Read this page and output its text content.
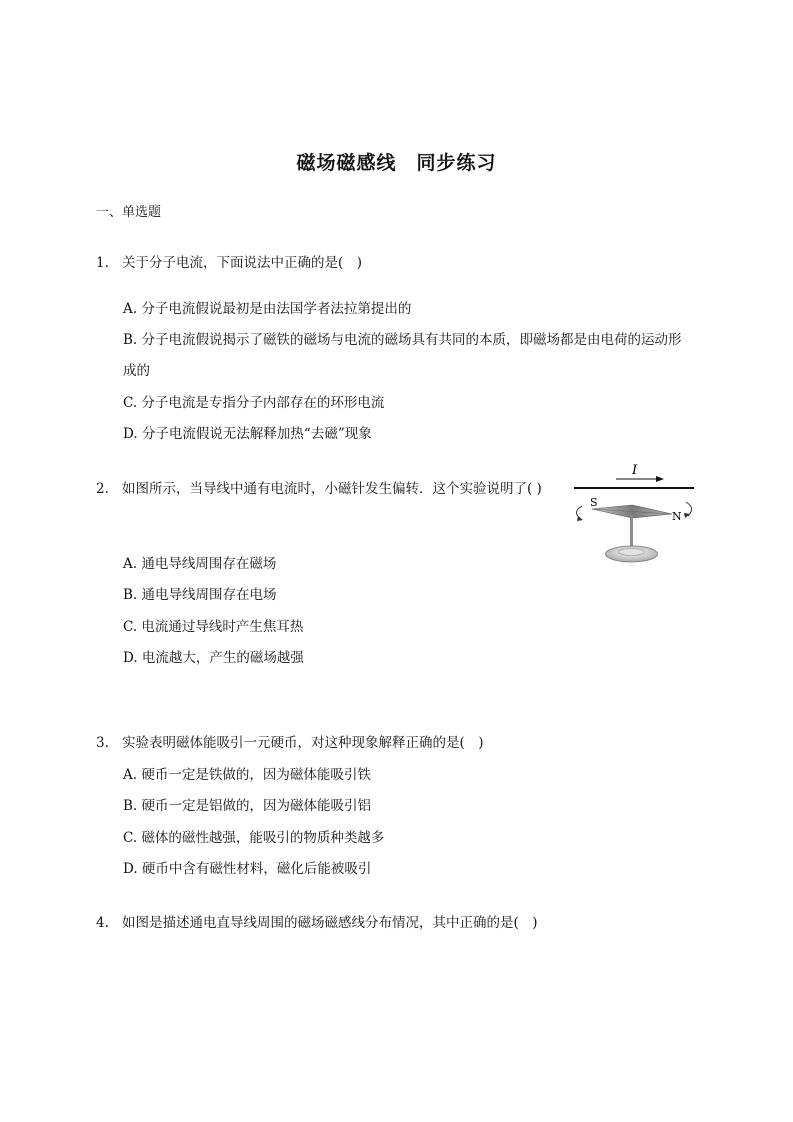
磁场磁感线　同步练习
一、单选题
1. 关于分子电流，下面说法中正确的是(　)
A. 分子电流假说最初是由法国学者法拉第提出的
B. 分子电流假说揭示了磁铁的磁场与电流的磁场具有共同的本质，即磁场都是由电荷的运动形
成的
C. 分子电流是专指分子内部存在的环形电流
D. 分子电流假说无法解释加热“去磁”现象
2. 如图所示，当导线中通有电流时，小磁针发生偏转．这个实验说明了( )
I
S
N
A. 通电导线周围存在磁场
B. 通电导线周围存在电场
C. 电流通过导线时产生焦耳热
D. 电流越大，产生的磁场越强
3. 实验表明磁体能吸引一元硬币，对这种现象解释正确的是(　)
A. 硬币一定是铁做的，因为磁体能吸引铁
B. 硬币一定是铝做的，因为磁体能吸引铝
C. 磁体的磁性越强，能吸引的物质种类越多
D. 硬币中含有磁性材料，磁化后能被吸引
4. 如图是描述通电直导线周围的磁场磁感线分布情况，其中正确的是(　)
